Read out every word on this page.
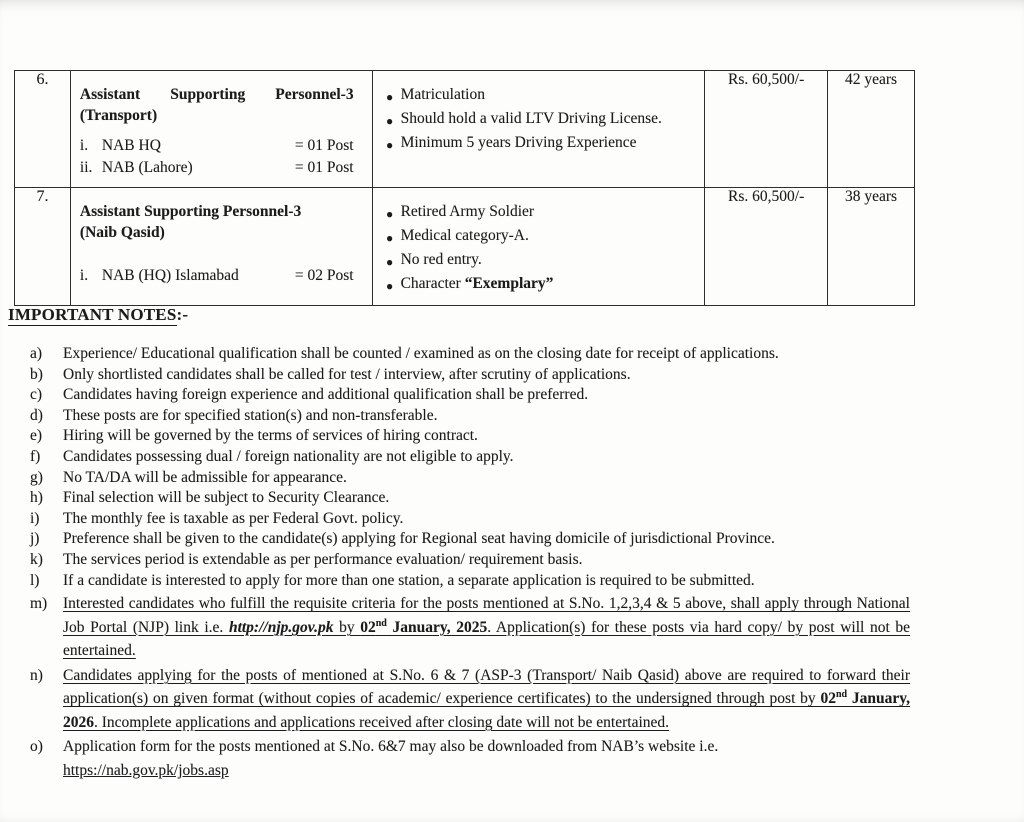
6.	
Assistant Supporting Personnel-3
(Transport)
i. NAB HQ	= 01 Post
ii. NAB (Lahore)	= 01 Post

● Matriculation
● Should hold a valid LTV Driving License.
● Minimum 5 years Driving Experience
	Rs. 60,500/-	42 years
7.	
Assistant Supporting Personnel-3
(Naib Qasid)
i. NAB (HQ) Islamabad	= 02 Post

● Retired Army Soldier
● Medical category-A.
● No red entry.
● Character “Exemplary”
	Rs. 60,500/-	38 years
IMPORTANT NOTES:-
a)	Experience/ Educational qualification shall be counted / examined as on the closing date for receipt of applications.
b)	Only shortlisted candidates shall be called for test / interview, after scrutiny of applications.
c)	Candidates having foreign experience and additional qualification shall be preferred.
d)	These posts are for specified station(s) and non-transferable.
e)	Hiring will be governed by the terms of services of hiring contract.
f)	Candidates possessing dual / foreign nationality are not eligible to apply.
g)	No TA/DA will be admissible for appearance.
h)	Final selection will be subject to Security Clearance.
i)	The monthly fee is taxable as per Federal Govt. policy.
j)	Preference shall be given to the candidate(s) applying for Regional seat having domicile of jurisdictional Province.
k)	The services period is extendable as per performance evaluation/ requirement basis.
l)	If a candidate is interested to apply for more than one station, a separate application is required to be submitted.
m)	Interested candidates who fulfill the requisite criteria for the posts mentioned at S.No. 1,2,3,4 & 5 above, shall apply through National Job Portal (NJP) link i.e. http://njp.gov.pk by 02nd January, 2025. Application(s) for these posts via hard copy/ by post will not be entertained.
n)	Candidates applying for the posts of mentioned at S.No. 6 & 7 (ASP-3 (Transport/ Naib Qasid) above are required to forward their application(s) on given format (without copies of academic/ experience certificates) to the undersigned through post by 02nd January, 2026. Incomplete applications and applications received after closing date will not be entertained.
o)	Application form for the posts mentioned at S.No. 6&7 may also be downloaded from NAB’s website i.e.
https://nab.gov.pk/jobs.asp
